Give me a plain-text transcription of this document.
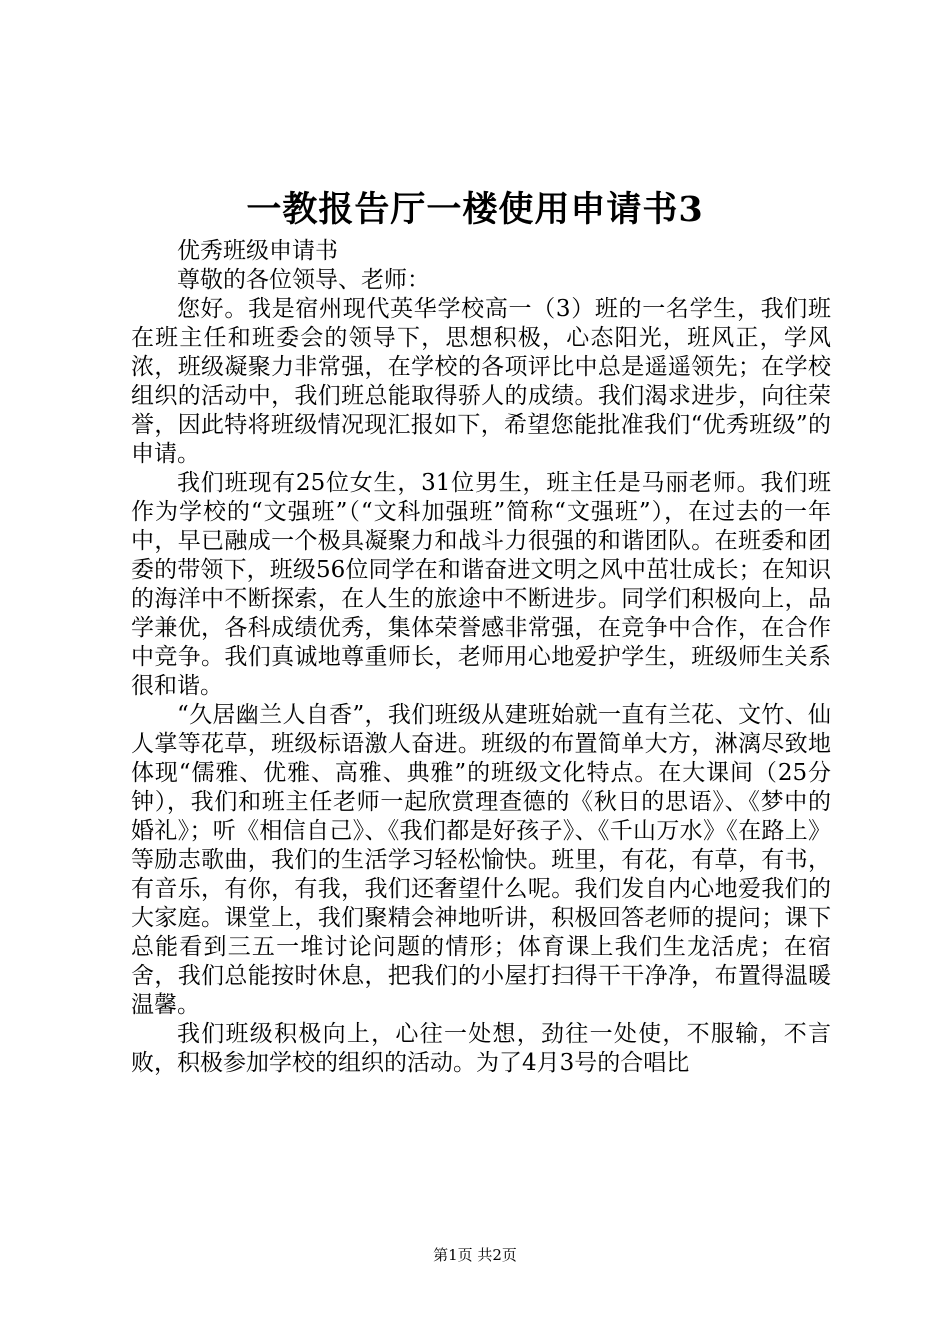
一教报告厅一楼使用申请书3

优秀班级申请书

尊敬的各位领导、老师：

您好。我是宿州现代英华学校高一（3）班的一名学生，我们班在班主任和班委会的领导下，思想积极，心态阳光，班风正，学风浓，班级凝聚力非常强，在学校的各项评比中总是遥遥领先；在学校组织的活动中，我们班总能取得骄人的成绩。我们渴求进步，向往荣誉，因此特将班级情况现汇报如下，希望您能批准我们“优秀班级”的申请。

我们班现有25位女生，31位男生，班主任是马丽老师。我们班作为学校的“文强班”（“文科加强班”简称“文强班”），在过去的一年中，早已融成一个极具凝聚力和战斗力很强的和谐团队。在班委和团委的带领下，班级56位同学在和谐奋进文明之风中茁壮成长；在知识的海洋中不断探索，在人生的旅途中不断进步。同学们积极向上，品学兼优，各科成绩优秀，集体荣誉感非常强，在竞争中合作，在合作中竞争。我们真诚地尊重师长，老师用心地爱护学生，班级师生关系很和谐。

“久居幽兰人自香”，我们班级从建班始就一直有兰花、文竹、仙人掌等花草，班级标语激人奋进。班级的布置简单大方，淋漓尽致地体现“儒雅、优雅、高雅、典雅”的班级文化特点。在大课间（25分钟），我们和班主任老师一起欣赏理查德的《秋日的思语》、《梦中的婚礼》；听《相信自己》、《我们都是好孩子》、《千山万水》《在路上》等励志歌曲，我们的生活学习轻松愉快。班里，有花，有草，有书，有音乐，有你，有我，我们还奢望什么呢。我们发自内心地爱我们的大家庭。课堂上，我们聚精会神地听讲，积极回答老师的提问；课下总能看到三五一堆讨论问题的情形；体育课上我们生龙活虎；在宿舍，我们总能按时休息，把我们的小屋打扫得干干净净，布置得温暖温馨。

我们班级积极向上，心往一处想，劲往一处使，不服输，不言败，积极参加学校的组织的活动。为了4月3号的合唱比

第1页 共2页
